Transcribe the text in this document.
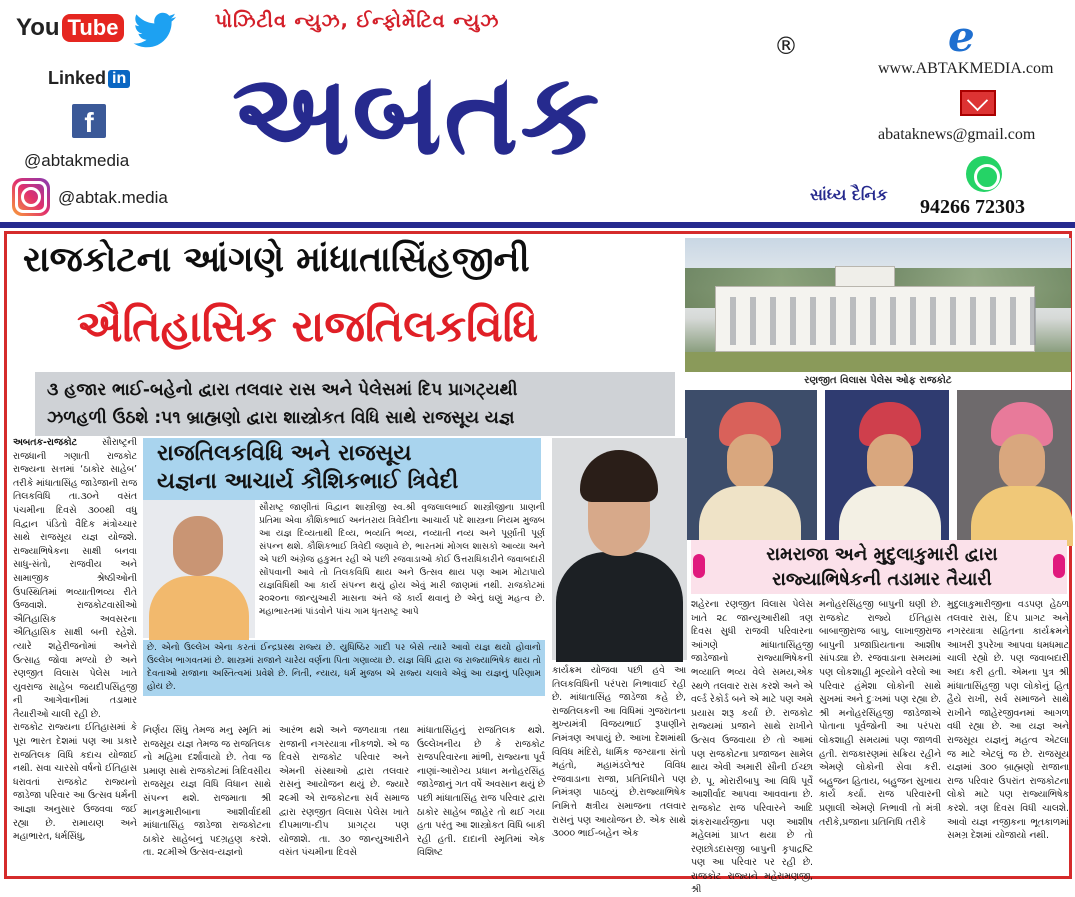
You Tube
Linked in
f
@abtakmedia
@abtak.media
પોઝિટીવ ન્યુઝ, ઈન્ફોર્મેટિવ ન્યુઝ
અબતક
®
સાંધ્ય દૈનિક
e
www.ABTAKMEDIA.com
abataknews@gmail.com
94266 72303
રાજકોટના આંગણે માંધાતાસિંહજીની
ઐતિહાસિક રાજતિલકવિધિ

૩ હજાર ભાઈ-બહેનો દ્વારા તલવાર રાસ અને પેલેસમાં દિપ પ્રાગટ્યથી

ઝળહળી ઉઠશે :૫૧ બ્રાહ્મણો દ્વારા શાસ્ત્રોકત વિધિ સાથે રાજસૂય યજ્ઞ

રણજીત વિલાસ પેલેસ ઓફ રાજકોટ
રામરાજા અને મુદુલાકુમારી દ્વારા
રાજ્યાભિષેકની તડામાર તૈયારી
રાજતિલકવિધિ અને રાજસૂય
યજ્ઞના આચાર્ય કૌશિકભાઈ ત્રિવેદી
સૌરાષ્ટ્ર જાણીતાં વિદ્વાન શાસ્ત્રીજી સ્વ.શ્રી વૃજલાલભાઈ શાસ્ત્રીજીના પ્રાણની પ્રતિમા એવા કૌશિકભાઈ અનંતરાય ત્રિવેદીના આચાર્ય પદે શાસ્ત્રના નિયમ મુજબ આ યજ્ઞ દિવ્યતાથી દિવ્ય, ભવ્યતિ ભવ્ય, નવ્યાતી નવ્ય અને પૂર્ણાતી પૂર્ણ સંપન્ન થશે. કૌશિકભાઈ ત્રિવેદી જણાવે છે, ભારતમાં મોગલ શાસકો આવ્યા અને એ પછી અંગ્રેજ હકુમત રહી એ પછી રજવાડાઓ કોઈ ઉત્તરાધિકારીને જવાબદારી સોંપવાની આવે તો તિલકવિધિ થાય અને ઉત્સવ થાય પણ આમ મોટાપાયે યજ્ઞવિધિથી આ કાર્ય સંપન્ન થયું હોય એવું મારી જાણમાં નથી. રાજકોટમાં ૨૦૨૦ના જાન્યુઆરી માસના અંતે જે કાર્ય થવાનું છે એનું ઘણું મહત્વ છે. મહાભારતમાં પાંડવોને પાંચ ગામ ધૃતરાષ્ટ્ર આપે
છે. એનો ઉલ્લેખ એના કરતાં ઈન્દ્રપ્રસ્થ રાજ્ય છે. યુધિષ્ઠિર ગાદી પર બેસે ત્યારે આવો યજ્ઞ થયો હોવાનો ઉલ્લેખ ભાગવતમાં છે. શાસ્ત્રમાં રાજાને ચારેય વર્ણના પિતા ગણાવ્યા છે. યજ્ઞ વિધિ દ્વારા જ રાજ્યાભિષેક થાય તો દેવતાઓ રાજાના અસ્તિત્વમાં પ્રવેશે છે. નિતી, ન્યાય, ધર્મ મુજબ એ રાજ્ય ચલાવે એવું આ યજ્ઞનું પરિણામ હોય છે.
અબતક-રાજકોટ	સૌરાષ્ટ્રની રાજધાની ગણાતી રાજકોટ રાજ્યના સત્તમાં ‘ઠાકોર સાહેબ’ તરીકે માંધાતાસિંહ જાડેજાની રાજ તિલકવિધિ તા.૩૦ને વસંત પંચમીના દિવસે ૩૦૦થી વધુ વિદ્વાન પંડિતો વૈદિક મંત્રોચ્ચાર સાથે રાજસૂય યજ્ઞ યોજશે. રાજ્યાભિષેકના સાક્ષી બનવા સાધુ-સંતો, રાજવીય અને સામાજીક શ્રેષ્ઠીઓની ઉપસ્થિતિમાં ભવ્યાતીભવ્ય રીતે ઉજવાશે. રાજકોટવાસીઓ ઐતિહાસિક અવસરના ઐતિહાસિક સાક્ષી બની રહેશે. ત્યારે શહેરીજનોમાં અનેરો ઉત્સાહ જોવા મળ્યો છે અને રણજીત વિલાસ પેલેસ ખાતે યુવરાજ સાહેબ જયદીપસિંહજી ની આગેવાનીમાં તડામાર તૈયારીઓ ચાલી રહી છે.
રાજકોટ રાજ્યના ઈતિહાસમાં કે પૂરા ભારત દેશમાં પણ આ પ્રકારે રાજતિલક વિધિ કદાચ યોજાઈ નથી. સવા ચારસો વર્ષનો ઈતિહાસ ધરાવતાં રાજકોટ રાજ્યનો જાડેજા પરિવાર આ ઉત્સવ ધર્મની આજ્ઞા અનુસાર ઉજવવા જઈ રહ્યા છે. રામાયણ અને મહાભારત, ધર્મસિંધુ,
નિર્ણય સિંધુ તેમજ મનુ સ્મૃતિ માં રાજસૂય યજ્ઞ તેમજ જ રાજતિલક નો મહિમા દર્શાવાયો છે. તેવા જ પ્રમાણ સાથે રાજકોટમાં ત્રિદિવસીય રાજસૂય યજ્ઞ વિધિ વિધાન સાથે સંપન્ન થશે. રાજમાતા શ્રી માનકુમારીબાના આશીર્વાદથી માંધાતાસિંહ જાડેજા રાજકોટના ઠાકોર સાહેબનું પદગ્રહણ કરશે. તા. ૨૮મીએ ઉત્સવ-યજ્ઞનો
આરંભ થશે અને જળયાત્રા તથા રાજાની નગરયાત્રા નીકળશે. એ જ દિવસે રાજકોટ પરિવાર અને એમની સંસ્થાઓ દ્વારા તલવાર રાસનું આયોજન થયું છે. જ્યારે ૨૯મી એ રાજકોટના સર્વ સમાજ દ્વારા રણજીત વિલાસ પેલેસ ખાતે દીપમાળા-દીપ પ્રાગટ્ય પણ યોજાશે. તા. ૩૦ જાન્યુઆરીને વસંત પંચમીના દિવસે
માંધાતાસિંહનું રાજતિલક થશે. ઉલ્લેખનીય છે કે રાજકોટ રાજપરિવારના માંભી, રાજ્યના પૂર્વ નાણાં-આરોગ્ય પ્રધાન મનોહરસિંહ જાડેજાનું ગત વર્ષે અવસાન થયું છે પછી માંધાતાસિંહ રાજ પરિવાર દ્વારા ઠાકોર સાહેબ જાહેર તો થઈ ગયા હતા પરંતુ આ શાસ્ત્રોકત વિધિ બાકી રહી હતી. દાદાની સ્મૃતિમાં એક વિશિષ્ટ
કાર્યક્રમ યોજવા પછી હવે આ તિલકવિધિની પરંપરા નિભાવાઈ રહી છે. માંધાતાસિંહ જાડેજા કહે છે, રાજતિલકની આ વિધિમાં ગુજરાતના મુખ્યમંત્રી વિજયભાઈ રૂપાણીને નિમંત્રણ અપાયું છે. આખા દેશમાંથી વિવિધ મંદિરો, ધાર્મિક જગ્યાના સંતો મહંતો, મહામંડલેશ્વર વિવિધ રજવાડાના રાજા, પ્રતિનિધીને પણ નિમંત્રણ પાઠવ્યું છે.રાજ્યાભિષેક નિમિત્તે ક્ષત્રીય સમાજના તલવાર રાસનું પણ આયોજન છે. એક સાથે ૩૦૦૦ ભાઈ-બહેન એક
શહેરના રણજીત વિલાસ પેલેસ ખાતે ૨૮ જાન્યુઆરીથી ત્રણ દિવસ સુધી રાજવી પરિવારના આંગણે માંધાતાસિંહજી જાડેજાનો રાજ્યાભિષેકની ભવ્યાતિ ભવ્ય વેલે સમય,એક સ્થળે તલવાર રાસ કરશે અને એ વર્લ્ડ રેકોર્ડ બને એ માટે પણ અમે પ્રયાસ શરૂ કર્યા છે. રાજકોટ રાજ્યમાં પ્રજાને સાથે રાખીને ઉત્સવ ઉજવાયા છે તો આમાં પણ રાજકોટના પ્રજાજન સામેલ થાય એવી અમારી સૌની ઈચ્છા છે. પૂ. મોરારીબાપુ આ વિધિ પૂર્વે આશીર્વાદ આપવા આવવાના છે. રાજકોટ રાજ પરિવારને આદિ શંકરાચાર્યજીના પણ આશીષ મહેલમાં પ્રાપ્ત થયા છે તો રણછોડદાસજી બાપુની કૃપાદ્રષ્ટિ પણ આ પરિવાર પર રહી છે. રાજકોટ રાજ્યને મહેરામણજી, શ્રી
મનોહરસિંહજી બાપુની ઘણી છે. રાજકોટ રાજ્યે ઈતિહાસ બાબાજીરાજ બાપુ, લાખાજીરાજ બાપુની પ્રજાપ્રિયતાના આશીષ સાંપડ્યા છે. રજવાડાના સમયમાં પણ લોકશાહી મૂલ્યોને વરેલો આ પરિવાર હંમેશા લોકોની સાથે સુખમાં અને દુઃખમાં પણ રહ્યા છે. શ્રી મનોહરસિંહજી જાડેજાએ પોતાના પૂર્વજોની આ પરંપરા લોકશાહી સમયમાં પણ જાળવી હતી. રાજકારણમાં સક્રિય રહીને એમણે લોકોની સેવા કરી. બહુજન હિતાય, બહુજન સુખાય કાર્ય કર્યા. રાજ પરિવારની પ્રણાલી એમણે નિભાવી તો મંત્રી તરીકે,પ્રજાના પ્રતિનિધિ તરીકે
મુદુલાકુમારીજીના વડપણ હેઠળ તલવાર રાસ, દિપ પ્રાગટ અને નગરયાત્રા સહિતના કાર્યક્રમને આખરી રૂપરેખા આપવા ધમધમાટ ચાલી રહ્યો છે. પણ જવાબદારી અદા કરી હતી. એમના પુત્ર શ્રી માંધાતાસિંહજી પણ લોકોનું હિત હૈયે રાખી, સર્વ સમાજને સાથે રાખીને જાહેરજીવનમાં આગળ વધી રહ્યા છે. આ યજ્ઞ અને રાજસૂય યજ્ઞનું મહત્વ એટલા જ માટે એટલું જ છે. રાજસૂય યજ્ઞમાં ૩૦૦ બ્રાહ્મણો રાજાના રાજ પરિવાર ઉપરાંત રાજકોટના લોકો માટે પણ રાજ્યાભિષેક કરશે. ત્રણ દિવસ વિધી ચાલશે. આવો યજ્ઞ નજીકના ભૂતકાળમાં સમગ્ર દેશમાં યોજાયો નથી.
